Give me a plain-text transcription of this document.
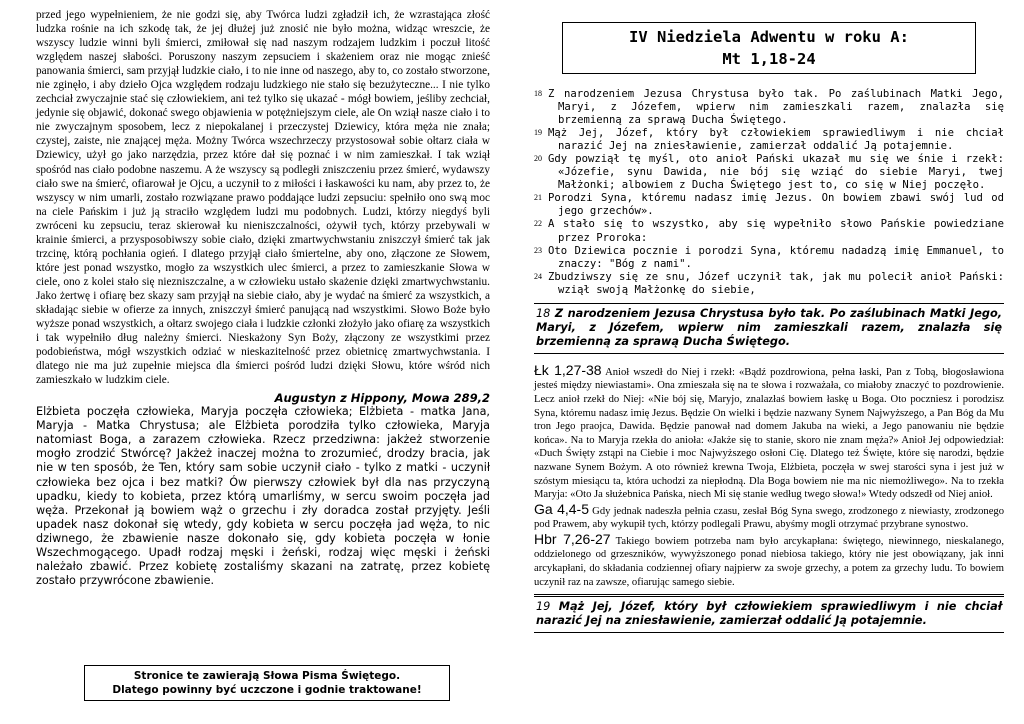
przed jego wypełnieniem, że nie godzi się, aby Twórca ludzi zgładził ich, że wzrastająca złość ludzka rośnie na ich szkodę tak, że jej dłużej już znosić nie było można, widząc wreszcie, że wszyscy ludzie winni byli śmierci, zmiłował się nad naszym rodzajem ludzkim i poczuł litość względem naszej słabości. Poruszony naszym zepsuciem i skażeniem oraz nie mogąc znieść panowania śmierci, sam przyjął ludzkie ciało, i to nie inne od naszego, aby to, co zostało stworzone, nie zginęło, i aby dzieło Ojca względem rodzaju ludzkiego nie stało się bezużyteczne... I nie tylko zechciał zwyczajnie stać się człowiekiem, ani też tylko się ukazać - mógł bowiem, jeśliby zechciał, jedynie się objawić, dokonać swego objawienia w potężniejszym ciele, ale On wziął nasze ciało i to nie zwyczajnym sposobem, lecz z niepokalanej i przeczystej Dziewicy, która męża nie znała; czystej, zaiste, nie znającej męża. Możny Twórca wszechrzeczy przystosował sobie ołtarz ciała w Dziewicy, użył go jako narzędzia, przez które dał się poznać i w nim zamieszkał. I tak wziął spośród nas ciało podobne naszemu. A że wszyscy są podległi zniszczeniu przez śmierć, wydawszy ciało swe na śmierć, ofiarował je Ojcu, a uczynił to z miłości i łaskawości ku nam, aby przez to, że wszyscy w nim umarli, zostało rozwiązane prawo poddające ludzi zepsuciu: spełniło ono swą moc na ciele Pańskim i już ją straciło względem ludzi mu podobnych. Ludzi, którzy niegdyś byli zwróceni ku zepsuciu, teraz skierował ku nieniszczalności, ożywił tych, którzy przebywali w krainie śmierci, a przysposobiwszy sobie ciało, dzięki zmartwychwstaniu zniszczył śmierć tak jak trzcinę, którą pochłania ogień. I dlatego przyjął ciało śmiertelne, aby ono, złączone ze Słowem, które jest ponad wszystko, mogło za wszystkich ulec śmierci, a przez to zamieszkanie Słowa w ciele, ono z kolei stało się niezniszczalne, a w człowieku ustało skażenie dzięki zmartwychwstaniu. Jako żertwę i ofiarę bez skazy sam przyjął na siebie ciało, aby je wydać na śmierć za wszystkich, a składając siebie w ofierze za innych, zniszczył śmierć panującą nad wszystkimi. Słowo Boże było wyższe ponad wszystkich, a ołtarz swojego ciała i ludzkie członki złożyło jako ofiarę za wszystkich i tak wypełniło dług należny śmierci. Nieskażony Syn Boży, złączony ze wszystkimi przez podobieństwa, mógł wszystkich odziać w nieskazitelność przez obietnicę zmartwychwstania. I dlatego nie ma już zupełnie miejsca dla śmierci pośród ludzi dzięki Słowu, które wśród nich zamieszkało w ludzkim ciele.

Augustyn z Hippony, Mowa 289,2

Elżbieta poczęła człowieka, Maryja poczęła człowieka; Elżbieta - matka Jana, Maryja - Matka Chrystusa; ale Elżbieta porodziła tylko człowieka, Maryja natomiast Boga, a zarazem człowieka. Rzecz przedziwna: jakżeż stworzenie mogło zrodzić Stwórcę? Jakżeż inaczej można to zrozumieć, drodzy bracia, jak nie w ten sposób, że Ten, który sam sobie uczynił ciało - tylko z matki - uczynił człowieka bez ojca i bez matki? Ów pierwszy człowiek był dla nas przyczyną upadku, kiedy to kobieta, przez którą umarliśmy, w sercu swoim poczęła jad węża. Przekonał ją bowiem wąż o grzechu i zły doradca został przyjęty. Jeśli upadek nasz dokonał się wtedy, gdy kobieta w sercu poczęła jad węża, to nic dziwnego, że zbawienie nasze dokonało się, gdy kobieta poczęła w łonie Wszechmogącego. Upadł rodzaj męski i żeński, rodzaj więc męski i żeński należało zbawić. Przez kobietę zostaliśmy skazani na zatratę, przez kobietę zostało przywrócone zbawienie.

Stronice te zawierają Słowa Pisma Świętego.
Dlatego powinny być uczczone i godnie traktowane!
IV Niedziela Adwentu w roku A:
Mt 1,18-24
18 Z narodzeniem Jezusa Chrystusa było tak. Po zaślubinach Matki Jego, Maryi, z Józefem, wpierw nim zamieszkali razem, znalazła się brzemienną za sprawą Ducha Świętego.
19 Mąż Jej, Józef, który był człowiekiem sprawiedliwym i nie chciał narazić Jej na zniesławienie, zamierzał oddalić Ją potajemnie.
20 Gdy powziął tę myśl, oto anioł Pański ukazał mu się we śnie i rzekł: «Józefie, synu Dawida, nie bój się wziąć do siebie Maryi, twej Małżonki; albowiem z Ducha Świętego jest to, co się w Niej poczęło.
21 Porodzi Syna, któremu nadasz imię Jezus. On bowiem zbawi swój lud od jego grzechów».
22 A stało się to wszystko, aby się wypełniło słowo Pańskie powiedziane przez Proroka:
23 Oto Dziewica pocznie i porodzi Syna, któremu nadadzą imię Emmanuel, to znaczy: "Bóg z nami".
24 Zbudziwszy się ze snu, Józef uczynił tak, jak mu polecił anioł Pański: wziął swoją Małżonkę do siebie,
18 Z narodzeniem Jezusa Chrystusa było tak. Po zaślubinach Matki Jego, Maryi, z Józefem, wpierw nim zamieszkali razem, znalazła się brzemienną za sprawą Ducha Świętego.
Łk 1,27-38 Anioł wszedł do Niej i rzekł: «Bądź pozdrowiona, pełna łaski, Pan z Tobą, błogosławiona jesteś między niewiastami». Ona zmieszała się na te słowa i rozważała, co miałoby znaczyć to pozdrowienie. Lecz anioł rzekł do Niej: «Nie bój się, Maryjo, znalazłaś bowiem łaskę u Boga. Oto poczniesz i porodzisz Syna, któremu nadasz imię Jezus. Będzie On wielki i będzie nazwany Synem Najwyższego, a Pan Bóg da Mu tron Jego praojca, Dawida. Będzie panował nad domem Jakuba na wieki, a Jego panowaniu nie będzie końca». Na to Maryja rzekła do anioła: «Jakże się to stanie, skoro nie znam męża?» Anioł Jej odpowiedział: «Duch Święty zstąpi na Ciebie i moc Najwyższego osłoni Cię. Dlatego też Święte, które się narodzi, będzie nazwane Synem Bożym. A oto również krewna Twoja, Elżbieta, poczęła w swej starości syna i jest już w szóstym miesiącu ta, która uchodzi za niepłodną. Dla Boga bowiem nie ma nic niemożliwego». Na to rzekła Maryja: «Oto Ja służebnica Pańska, niech Mi się stanie według twego słowa!» Wtedy odszedł od Niej anioł.
Ga 4,4-5 Gdy jednak nadeszła pełnia czasu, zesłał Bóg Syna swego, zrodzonego z niewiasty, zrodzonego pod Prawem, aby wykupił tych, którzy podlegali Prawu, abyśmy mogli otrzymać przybrane synostwo.
Hbr 7,26-27 Takiego bowiem potrzeba nam było arcykapłana: świętego, niewinnego, nieskalanego, oddzielonego od grzeszników, wywyższonego ponad niebiosa takiego, który nie jest obowiązany, jak inni arcykapłani, do składania codziennej ofiary najpierw za swoje grzechy, a potem za grzechy ludu. To bowiem uczynił raz na zawsze, ofiarując samego siebie.
19 Mąż Jej, Józef, który był człowiekiem sprawiedliwym i nie chciał narazić Jej na zniesławienie, zamierzał oddalić Ją potajemnie.
